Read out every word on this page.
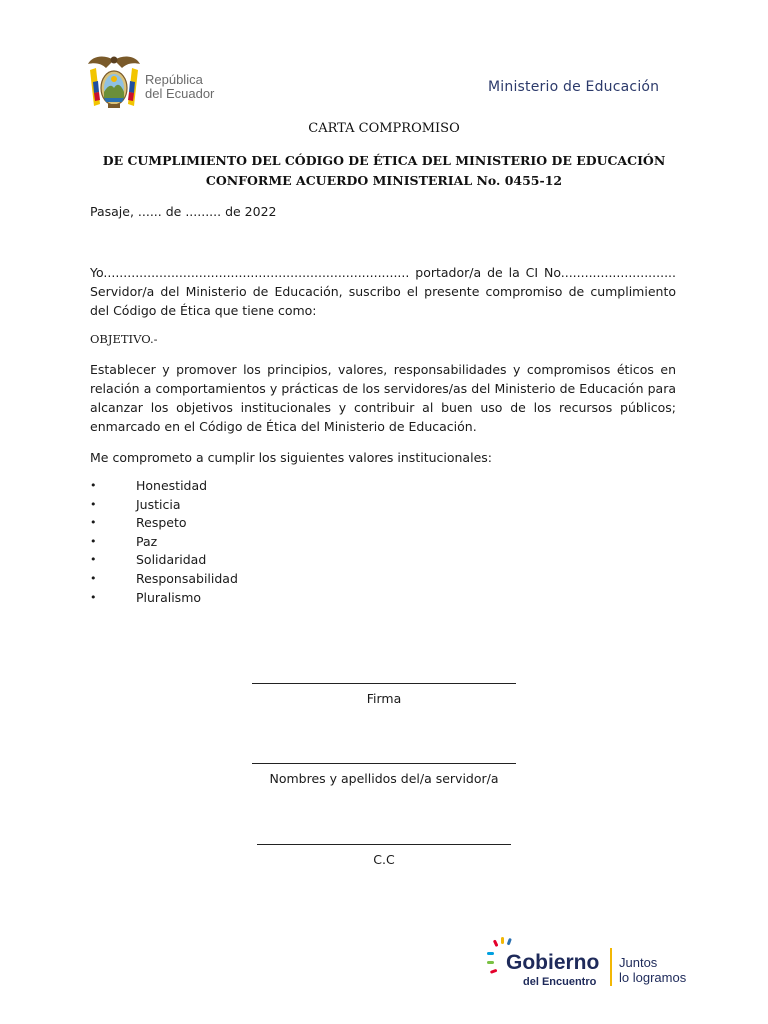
República
del Ecuador	Ministerio de Educación
CARTA COMPROMISO
DE CUMPLIMIENTO DEL CÓDIGO DE ÉTICA DEL MINISTERIO DE EDUCACIÓN
CONFORME ACUERDO MINISTERIAL No. 0455-12
Pasaje, ...... de ......... de 2022
Yo............................................................................. portador/a de la CI No............................. Servidor/a del Ministerio de Educación, suscribo el presente compromiso de cumplimiento del Código de Ética que tiene como:
OBJETIVO.-
Establecer y promover los principios, valores, responsabilidades y compromisos éticos en relación a comportamientos y prácticas de los servidores/as del Ministerio de Educación para alcanzar los objetivos institucionales y contribuir al buen uso de los recursos públicos; enmarcado en el Código de Ética del Ministerio de Educación.
Me comprometo a cumplir los siguientes valores institucionales:
•	Honestidad
•	Justicia
•	Respeto
•	Paz
•	Solidaridad
•	Responsabilidad
•	Pluralismo
Firma
Nombres y apellidos del/a servidor/a
C.C
Gobierno
del Encuentro
Juntos
lo logramos
